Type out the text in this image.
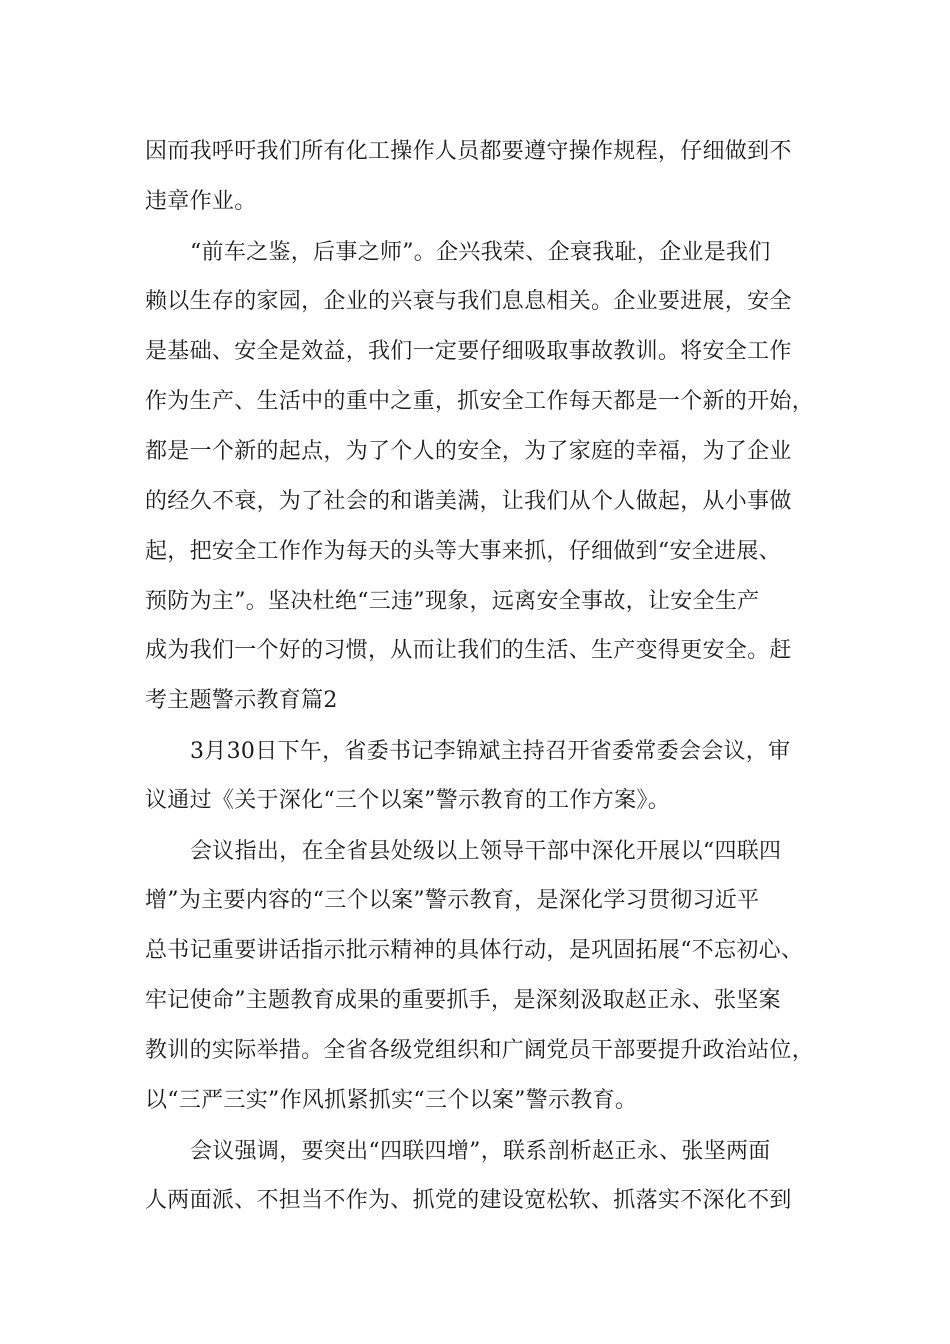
因而我呼吁我们所有化工操作人员都要遵守操作规程，仔细做到不
违章作业。
“前车之鉴，后事之师”。企兴我荣、企衰我耻，企业是我们
赖以生存的家园，企业的兴衰与我们息息相关。企业要进展，安全
是基础、安全是效益，我们一定要仔细吸取事故教训。将安全工作
作为生产、生活中的重中之重，抓安全工作每天都是一个新的开始，
都是一个新的起点，为了个人的安全，为了家庭的幸福，为了企业
的经久不衰，为了社会的和谐美满，让我们从个人做起，从小事做
起，把安全工作作为每天的头等大事来抓，仔细做到“安全进展、
预防为主”。坚决杜绝“三违”现象，远离安全事故，让安全生产
成为我们一个好的习惯，从而让我们的生活、生产变得更安全。赶
考主题警示教育篇2
3月30日下午，省委书记李锦斌主持召开省委常委会会议，审
议通过《关于深化“三个以案”警示教育的工作方案》。
会议指出，在全省县处级以上领导干部中深化开展以“四联四
增”为主要内容的“三个以案”警示教育，是深化学习贯彻习近平
总书记重要讲话指示批示精神的具体行动，是巩固拓展“不忘初心、
牢记使命”主题教育成果的重要抓手，是深刻汲取赵正永、张坚案
教训的实际举措。全省各级党组织和广阔党员干部要提升政治站位，
以“三严三实”作风抓紧抓实“三个以案”警示教育。
会议强调，要突出“四联四增”，联系剖析赵正永、张坚两面
人两面派、不担当不作为、抓党的建设宽松软、抓落实不深化不到
